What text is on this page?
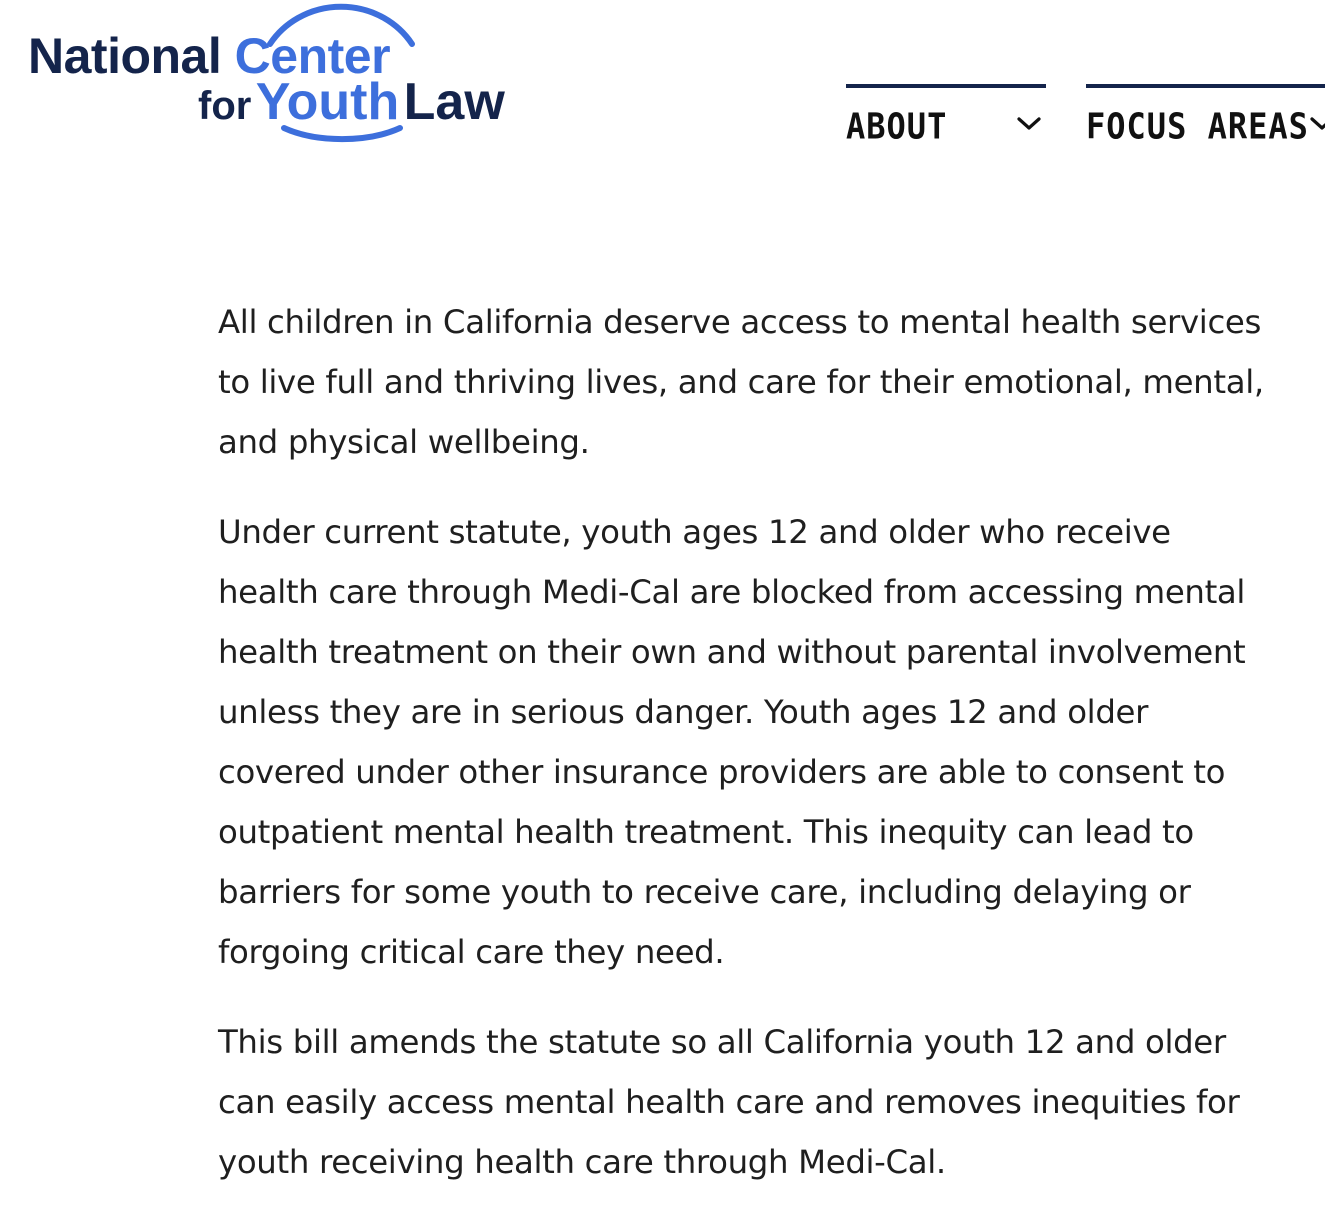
National Center
for Youth Law	ABOUT	FOCUS AREAS

All children in California deserve access to mental health services
to live full and thriving lives, and care for their emotional, mental,
and physical wellbeing.

Under current statute, youth ages 12 and older who receive
health care through Medi-Cal are blocked from accessing mental
health treatment on their own and without parental involvement
unless they are in serious danger. Youth ages 12 and older
covered under other insurance providers are able to consent to
outpatient mental health treatment. This inequity can lead to
barriers for some youth to receive care, including delaying or
forgoing critical care they need.

This bill amends the statute so all California youth 12 and older
can easily access mental health care and removes inequities for
youth receiving health care through Medi-Cal.
